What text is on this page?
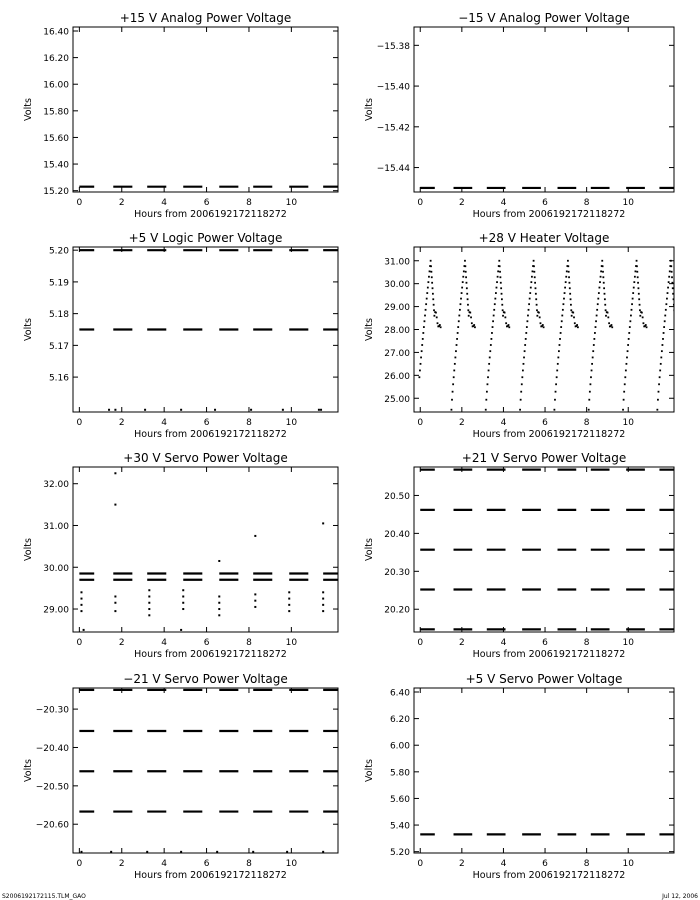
+15 V Analog Power Voltage
0	2	4	6	8	10
Hours from 2006192172118272
15.20
15.40
15.60
15.80
16.00
16.20
16.40
Volts
−15 V Analog Power Voltage
0	2	4	6	8	10
Hours from 2006192172118272
−15.44
−15.42
−15.40
−15.38
Volts
+5 V Logic Power Voltage
0	2	4	6	8	10
Hours from 2006192172118272
5.16
5.17
5.18
5.19
5.20
Volts
+28 V Heater Voltage
0	2	4	6	8	10
Hours from 2006192172118272
25.00
26.00
27.00
28.00
29.00
30.00
31.00
Volts
+30 V Servo Power Voltage
0	2	4	6	8	10
Hours from 2006192172118272
29.00
30.00
31.00
32.00
Volts
+21 V Servo Power Voltage
0	2	4	6	8	10
Hours from 2006192172118272
20.20
20.30
20.40
20.50
Volts
−21 V Servo Power Voltage
0	2	4	6	8	10
Hours from 2006192172118272
−20.60
−20.50
−20.40
−20.30
Volts
+5 V Servo Power Voltage
0	2	4	6	8	10
Hours from 2006192172118272
5.20
5.40
5.60
5.80
6.00
6.20
6.40
Volts
S2006192172115.TLM_GAO	Jul 12, 2006
